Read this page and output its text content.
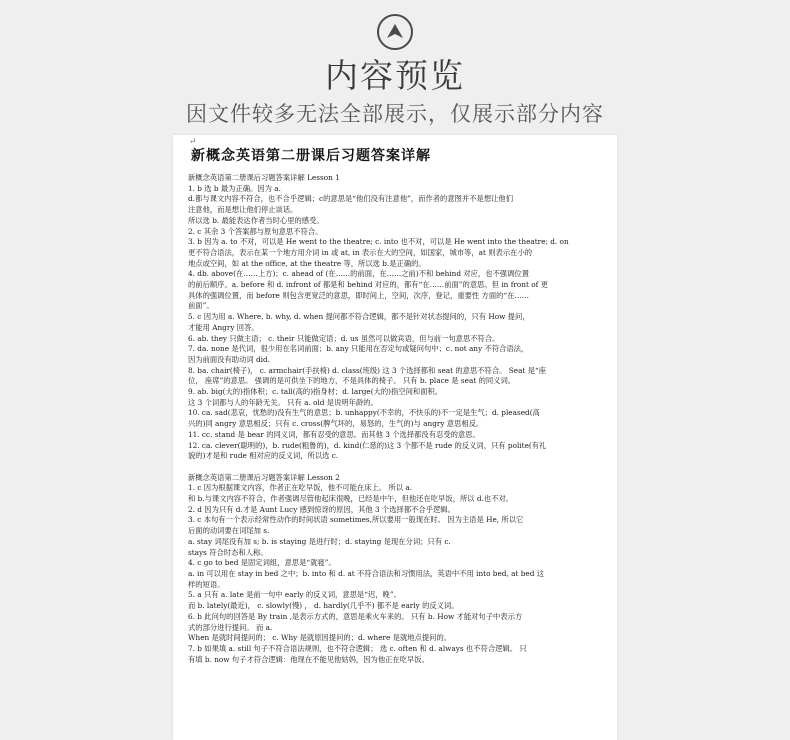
内容预览
因文件较多无法全部展示，仅展示部分内容
↵
新概念英语第二册课后习题答案详解
新概念英语第二册课后习题答案详解 Lesson 1
1. b 选 b 最为正确。因为 a.
d.都与课文内容不符合，也不合乎逻辑；c的意思是“他们没有注意他”，而作者的意图并不是想让他们
注意他，而是想让他们停止谈话。
所以选 b. 最能表达作者当时心里的感受。
2. c 其余 3 个答案都与原句意思不符合。
3. b 因为 a. to 不对，可以是 He went to the theatre; c. into 也不对，可以是 He went into the theatre; d. on
更不符合语法，表示在某一个地方用介词 in 或 at, in 表示在大的空间，如国家，城市等，at 则表示在小的
地点或空间，如 at the office, at the theatre 等，所以选 b.是正确的。
4. db. above(在……上方)；c. ahead of (在……的前面，在……之前)不和 behind 对应，也不强调位置
的前后顺序。a. before 和 d. infront of 都是和 behind 对应的，都有“在……前面”的意思。但 in front of 更
具体的强调位置，而 before 则包含更宽泛的意思，即时间上，空间，次序，登记，重要性 方面的“在……
前面”。
5. c 因为用 a. Where, b. why, d. when 提问都不符合逻辑，都不是针对状态提问的，只有 How 提问，
才能用 Angry 回答。
6. ab. they 只做主语； c. their 只能做定语；d. us 虽然可以做宾语，但与前一句意思不符合。
7. da. none 是代词，很少用在名词前面；b. any 只能用在否定句或疑问句中；c. not any 不符合语法，
因为前面没有助动词 did.
8. ba. chair(椅子)， c. armchair(手扶椅) d. class(班级) 这 3 个选择都和 seat 的意思不符合。 Seat 是“座
位， 座席”的意思。 强调的是可供坐下的地方，不是具体的椅子。 只有 b. place 是 seat 的同义词。
9. ab. big(大的)指体积；c. tall(高的)指身材；d. large(大的)指空间和面积。
这 3 个词都与人的年龄无关。 只有 a. old 是说明年龄的。
10. ca. sad(悲哀，忧愁的)没有生气的意思；b. unhappy(不幸的，不快乐的)不一定是生气；d. pleased(高
兴的)同 angry 意思相反；只有 c. cross(脾气坏的，易怒的，生气的)与 angry 意思相反。
11. cc. stand 是 bear 的同义词，都有忍受的意思。而其他 3 个选择都没有忍受的意思。
12. ca. clever(聪明的)，b. rude(粗鲁的)，d. kind(仁慈的)这 3 个都不是 rude 的反义词，只有 polite(有礼
貌的)才是和 rude 相对应的反义词，所以选 c.
新概念英语第二册课后习题答案详解 Lesson 2
1. c 因为根据课文内容，作者正在吃早饭，他不可能在床上。 所以 a.
和 b.与课文内容不符合，作者强调尽管他起床很晚，已经是中午，但他还在吃早饭，所以 d.也不对。
2. d 因为只有 d.才是 Aunt Lucy 感到惊讶的原因，其他 3 个选择都不合乎逻辑。
3. c 本句有一个表示经常性动作的时间状语 sometimes,所以要用一般现在时。 因为主语是 He, 所以它
后面的动词要在词尾加 s.
a. stay 词尾没有加 s; b. is staying 是进行时；d. staying 是现在分词；只有 c.
stays 符合时态和人称。
4. c go to bed 是固定词组，意思是“就寝”。
a. in 可以用在 stay in bed 之中；b. into 和 d. at 不符合语法和习惯用法，英语中不用 into bed, at bed 这
样的短语。
5. a 只有 a. late 是前一句中 early 的反义词，意思是“迟，晚”。
而 b. lately(最近)， c. slowly(慢) ， d. hardly(几乎不) 都不是 early 的反义词。
6. b 此问句的回答是 By train ,是表示方式的，意思是乘火车来的。 只有 b. How 才能对句子中表示方
式的部分进行提问。 而 a.
When 是就时间提问的； c. Why 是就原因提问的；d. where 是就地点提问的。
7. b 如果填 a. still 句子不符合语法规则，也不符合逻辑； 选 c. often 和 d. always 也不符合逻辑。 只
有填 b. now 句子才符合逻辑：他现在不能见他姑妈，因为他正在吃早饭。
